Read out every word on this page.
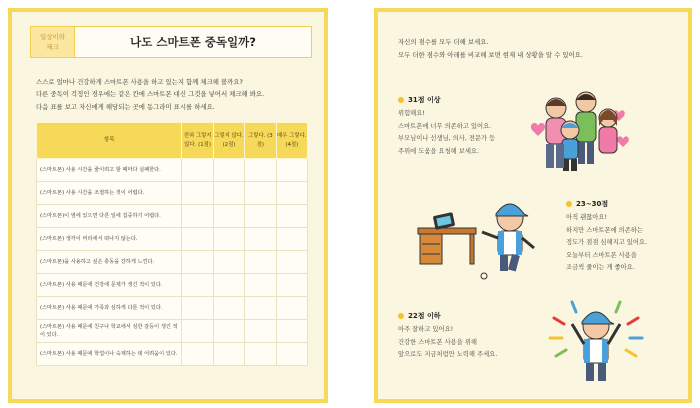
일상이와
체크	나도 스마트폰 중독일까?

스스로 얼마나 건강하게 스마트폰 사용을 하고 있는지 함께 체크해 볼까요?

다른 중독이 걱정인 경우에는 같은 칸에 스마트폰 대신 그것을 넣어서 체크해 봐요.

다음 표를 보고 자신에게 해당되는 곳에 동그라미 표시를 하세요.

항목	전혀 그렇지 않다. (1점)	그렇지 않다. (2점)	그렇다. (3점)	매우 그렇다. (4점)
(스마트폰) 사용 시간을 줄이려고 할 때마다 실패한다.				
(스마트폰) 사용 시간을 조절하는 것이 어렵다.				
(스마트폰)이 옆에 있으면 다른 일에 집중하기 어렵다.				
(스마트폰) 생각이 머리에서 떠나지 않는다.				
(스마트폰)을 사용하고 싶은 충동을 강하게 느낀다.				
(스마트폰) 사용 때문에 건강에 문제가 생긴 적이 있다.				
(스마트폰) 사용 때문에 가족과 심하게 다툰 적이 있다.				
(스마트폰) 사용 때문에 친구나 학교에서 심한 갈등이 생긴 적이 있다.				
(스마트폰) 사용 때문에 학업이나 숙제하는 데 어려움이 있다.				

자신의 점수를 모두 더해 보세요.

모두 더한 점수와 아래를 비교해 보면 현재 내 상황을 알 수 있어요.

31점 이상

위험해요!

스마트폰에 너무 의존하고 있어요.

부모님이나 선생님, 의사, 전문가 등

주위에 도움을 요청해 보세요.

23~30점

아직 괜찮아요!

하지만 스마트폰에 의존하는

정도가 점점 심해지고 있어요.

오늘부터 스마트폰 사용을

조금씩 줄이는 게 좋아요.

22점 이하

아주 잘하고 있어요!

건강한 스마트폰 사용을 위해

앞으로도 지금처럼만 노력해 주세요.
